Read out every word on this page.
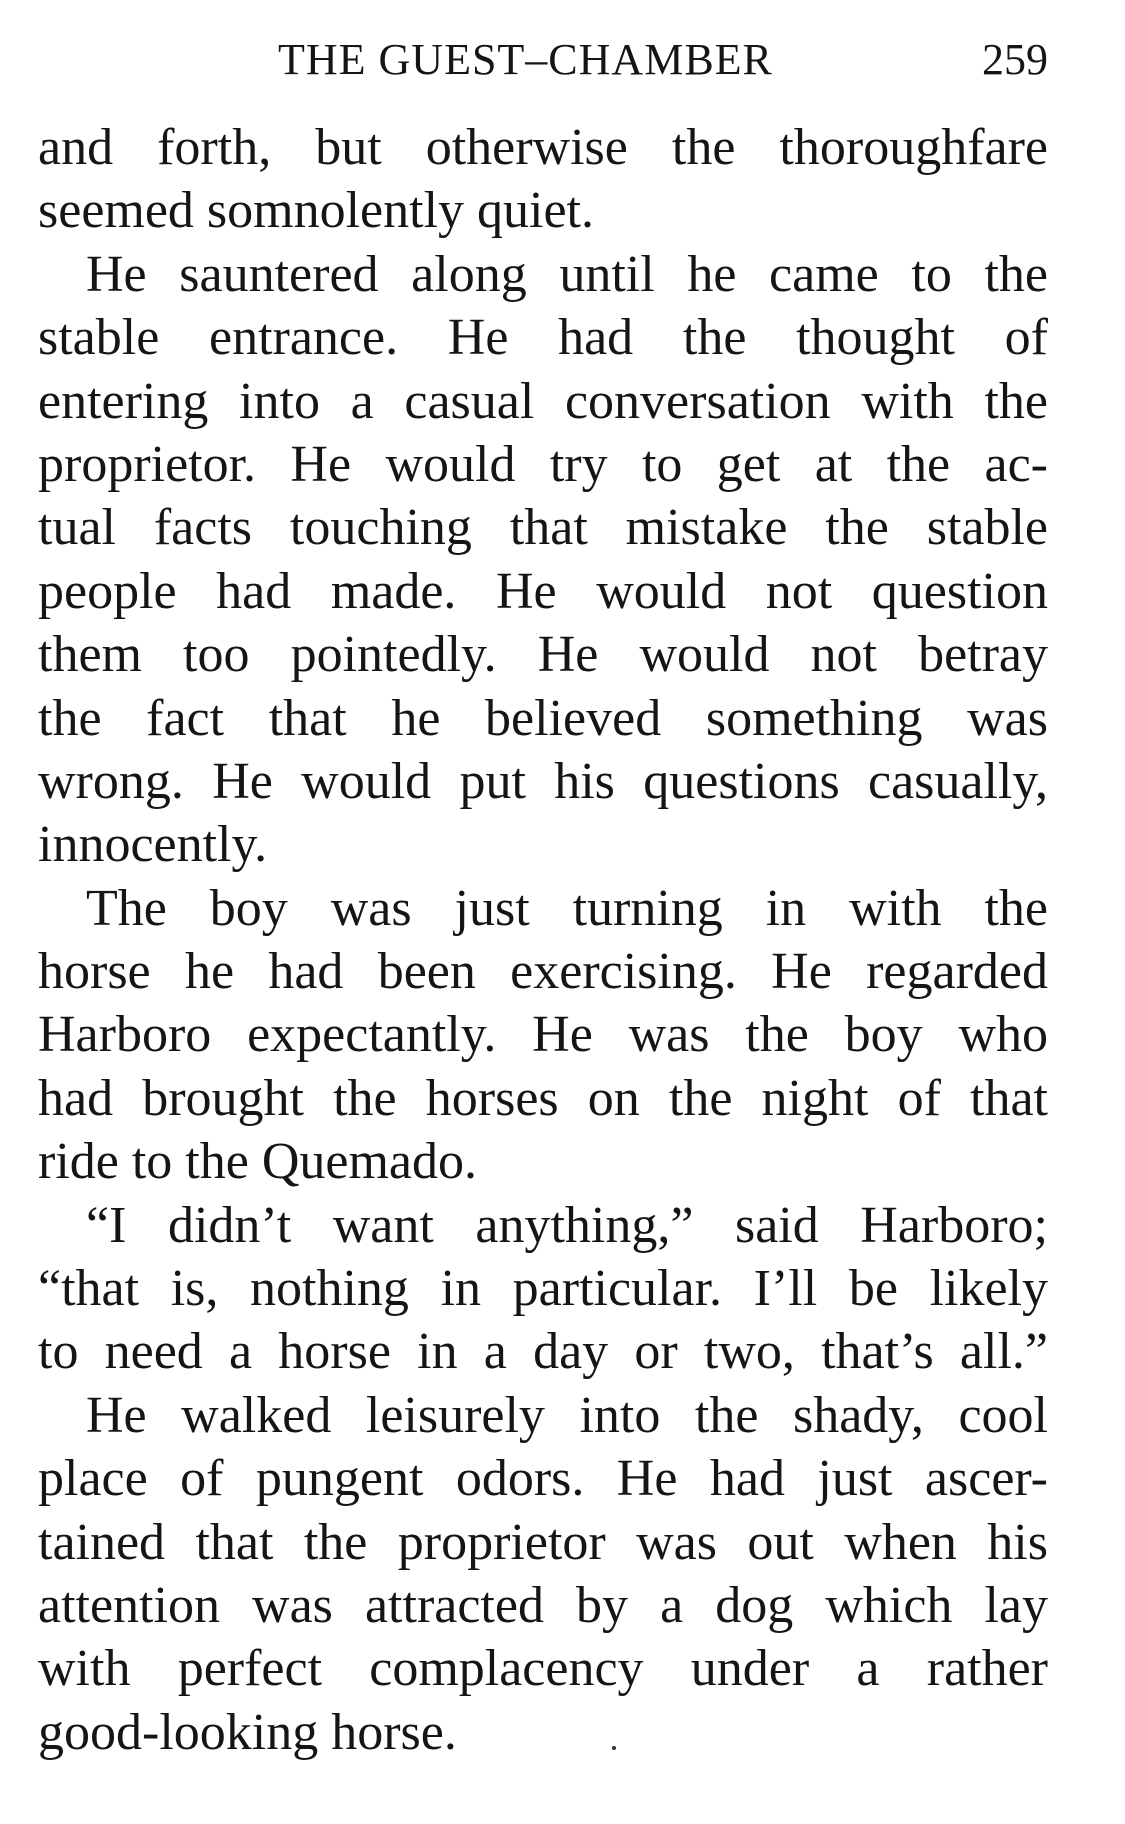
THE GUEST–CHAMBER	259
and forth, but otherwise the thoroughfare
seemed somnolently quiet.
He sauntered along until he came to the
stable entrance. He had the thought of
entering into a casual conversation with the
proprietor. He would try to get at the ac-
tual facts touching that mistake the stable
people had made. He would not question
them too pointedly. He would not betray
the fact that he believed something was
wrong. He would put his questions casually,
innocently.
The boy was just turning in with the
horse he had been exercising. He regarded
Harboro expectantly. He was the boy who
had brought the horses on the night of that
ride to the Quemado.
“I didn’t want anything,” said Harboro;
“that is, nothing in particular. I’ll be likely
to need a horse in a day or two, that’s all.”
He walked leisurely into the shady, cool
place of pungent odors. He had just ascer-
tained that the proprietor was out when his
attention was attracted by a dog which lay
with perfect complacency under a rather
good-looking horse.
